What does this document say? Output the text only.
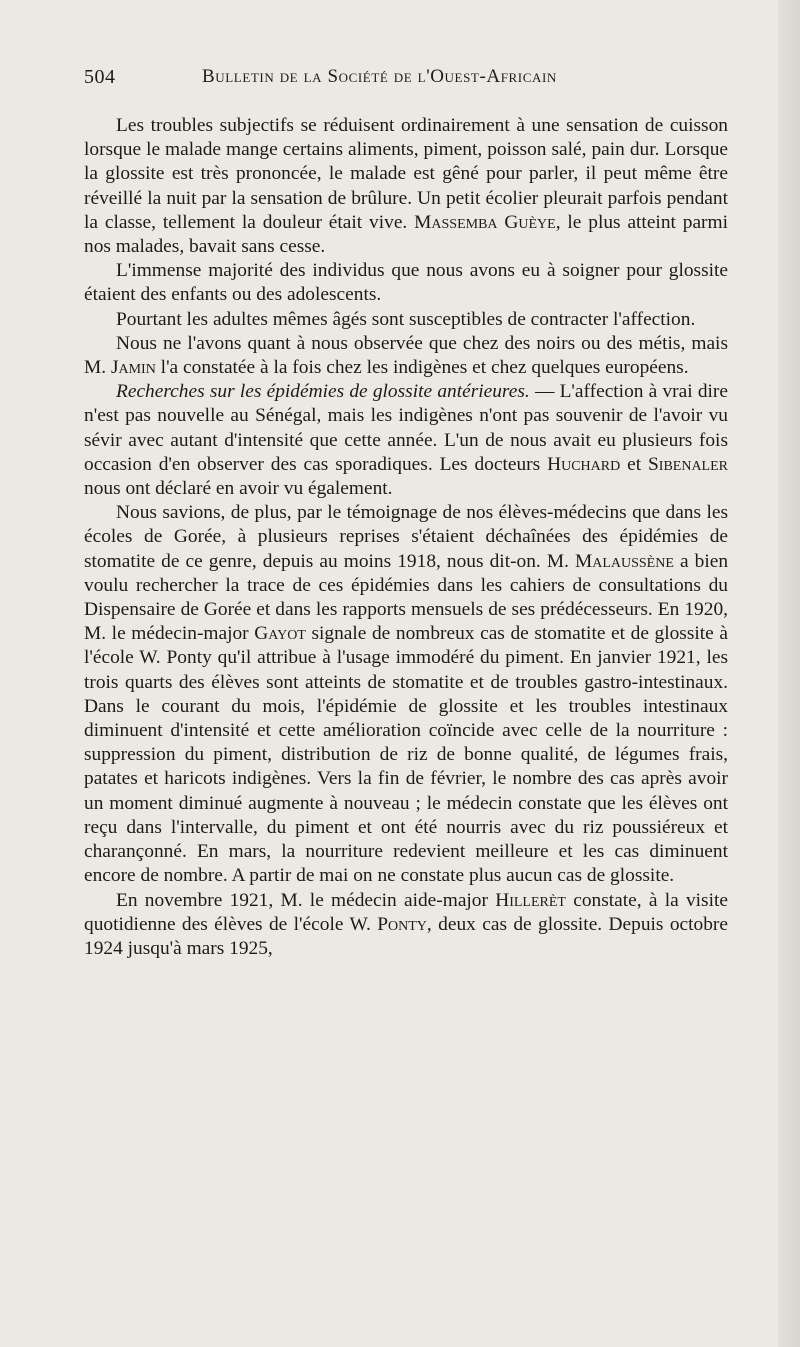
504	Bulletin de la Société de l'Ouest-Africain

Les troubles subjectifs se réduisent ordinairement à une sensation de cuisson lorsque le malade mange certains aliments, piment, poisson salé, pain dur. Lorsque la glossite est très prononcée, le malade est gêné pour parler, il peut même être réveillé la nuit par la sensation de brûlure. Un petit écolier pleurait parfois pendant la classe, tellement la douleur était vive. Massemba Guèye, le plus atteint parmi nos malades, bavait sans cesse.

L'immense majorité des individus que nous avons eu à soigner pour glossite étaient des enfants ou des adolescents.

Pourtant les adultes mêmes âgés sont susceptibles de contracter l'affection.

Nous ne l'avons quant à nous observée que chez des noirs ou des métis, mais M. Jamin l'a constatée à la fois chez les indigènes et chez quelques européens.

Recherches sur les épidémies de glossite antérieures. — L'affection à vrai dire n'est pas nouvelle au Sénégal, mais les indigènes n'ont pas souvenir de l'avoir vu sévir avec autant d'intensité que cette année. L'un de nous avait eu plusieurs fois occasion d'en observer des cas sporadiques. Les docteurs Huchard et Sibenaler nous ont déclaré en avoir vu également.

Nous savions, de plus, par le témoignage de nos élèves-médecins que dans les écoles de Gorée, à plusieurs reprises s'étaient déchaînées des épidémies de stomatite de ce genre, depuis au moins 1918, nous dit-on. M. Malaussène a bien voulu rechercher la trace de ces épidémies dans les cahiers de consultations du Dispensaire de Gorée et dans les rapports mensuels de ses prédécesseurs. En 1920, M. le médecin-major Gayot signale de nombreux cas de stomatite et de glossite à l'école W. Ponty qu'il attribue à l'usage immodéré du piment. En janvier 1921, les trois quarts des élèves sont atteints de stomatite et de troubles gastro-intestinaux. Dans le courant du mois, l'épidémie de glossite et les troubles intestinaux diminuent d'intensité et cette amélioration coïncide avec celle de la nourriture : suppression du piment, distribution de riz de bonne qualité, de légumes frais, patates et haricots indigènes. Vers la fin de février, le nombre des cas après avoir un moment diminué augmente à nouveau ; le médecin constate que les élèves ont reçu dans l'intervalle, du piment et ont été nourris avec du riz poussiéreux et charançonné. En mars, la nourriture redevient meilleure et les cas diminuent encore de nombre. A partir de mai on ne constate plus aucun cas de glossite.

En novembre 1921, M. le médecin aide-major Hillerèt constate, à la visite quotidienne des élèves de l'école W. Ponty, deux cas de glossite. Depuis octobre 1924 jusqu'à mars 1925,
